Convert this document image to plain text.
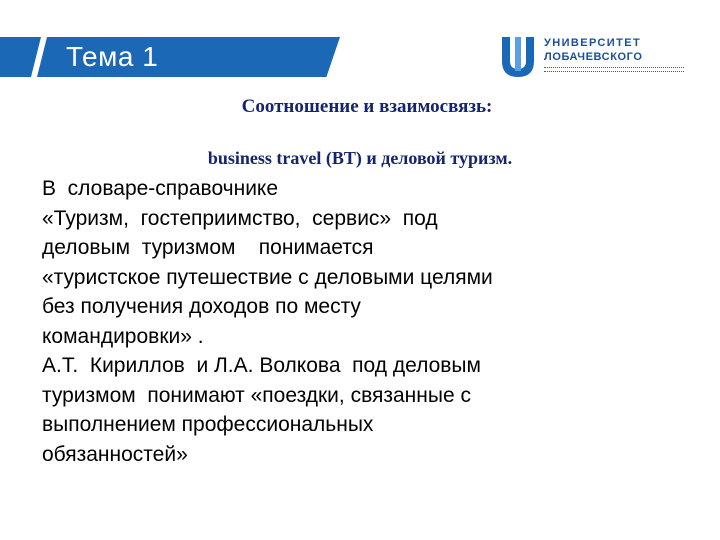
Тема 1	УНИВЕРСИТЕТ
ЛОБАЧЕВСКОГО
Соотношение и взаимосвязь:
business travel (BT) и деловой туризм.
В  словаре-справочнике
«Туризм,  гостеприимство,  сервис»  под
деловым  туризмом    понимается
«туристское путешествие с деловыми целями
без получения доходов по месту
командировки» .
А.Т.  Кириллов  и Л.А. Волкова  под деловым
туризмом  понимают «поездки, связанные с
выполнением профессиональных
обязанностей»
